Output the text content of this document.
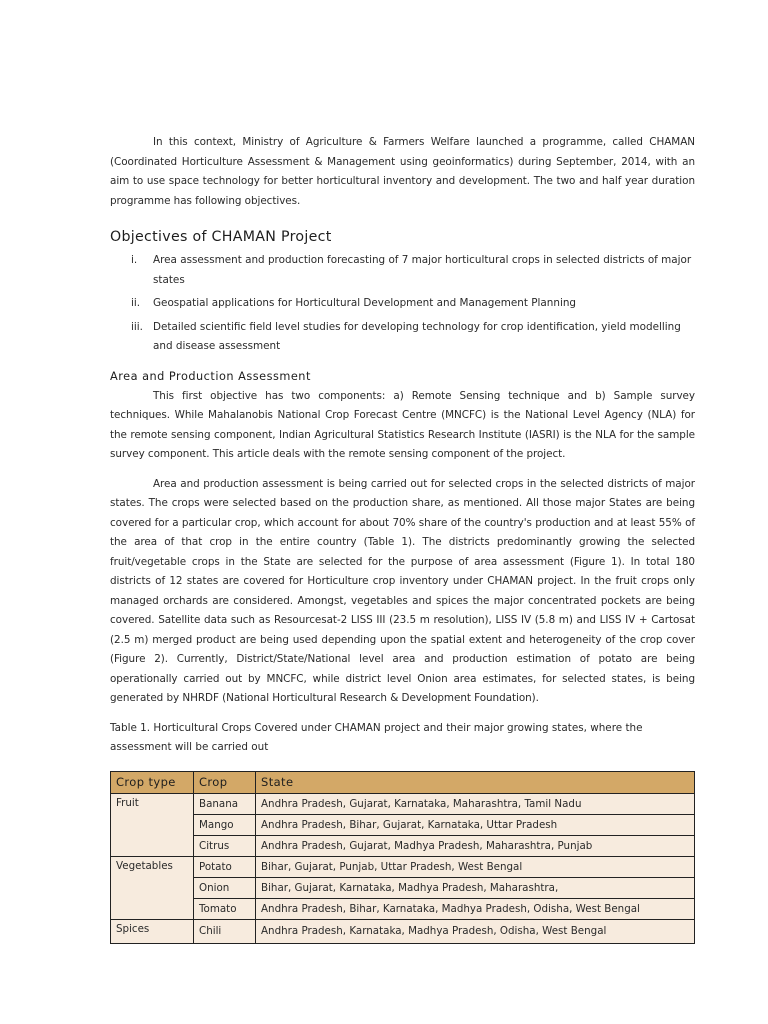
In this context, Ministry of Agriculture & Farmers Welfare launched a programme, called CHAMAN (Coordinated Horticulture Assessment & Management using geoinformatics) during September, 2014, with an aim to use space technology for better horticultural inventory and development. The two and half year duration programme has following objectives.

Objectives of CHAMAN Project
i. Area assessment and production forecasting of 7 major horticultural crops in selected districts of major states
ii. Geospatial applications for Horticultural Development and Management Planning
iii. Detailed scientific field level studies for developing technology for crop identification, yield modelling and disease assessment
Area and Production Assessment

This first objective has two components: a) Remote Sensing technique and b) Sample survey techniques. While Mahalanobis National Crop Forecast Centre (MNCFC) is the National Level Agency (NLA) for the remote sensing component, Indian Agricultural Statistics Research Institute (IASRI) is the NLA for the sample survey component. This article deals with the remote sensing component of the project.

Area and production assessment is being carried out for selected crops in the selected districts of major states. The crops were selected based on the production share, as mentioned. All those major States are being covered for a particular crop, which account for about 70% share of the country's production and at least 55% of the area of that crop in the entire country (Table 1). The districts predominantly growing the selected fruit/vegetable crops in the State are selected for the purpose of area assessment (Figure 1). In total 180 districts of 12 states are covered for Horticulture crop inventory under CHAMAN project. In the fruit crops only managed orchards are considered. Amongst, vegetables and spices the major concentrated pockets are being covered. Satellite data such as Resourcesat-2 LISS III (23.5 m resolution), LISS IV (5.8 m) and LISS IV + Cartosat (2.5 m) merged product are being used depending upon the spatial extent and heterogeneity of the crop cover (Figure 2). Currently, District/State/National level area and production estimation of potato are being operationally carried out by MNCFC, while district level Onion area estimates, for selected states, is being generated by NHRDF (National Horticultural Research & Development Foundation).

Table 1. Horticultural Crops Covered under CHAMAN project and their major growing states, where the assessment will be carried out

Crop type	Crop	State
Fruit	Banana	Andhra Pradesh, Gujarat, Karnataka, Maharashtra, Tamil Nadu
	Mango	Andhra Pradesh, Bihar, Gujarat, Karnataka, Uttar Pradesh
	Citrus	Andhra Pradesh, Gujarat, Madhya Pradesh, Maharashtra, Punjab
Vegetables	Potato	Bihar, Gujarat, Punjab, Uttar Pradesh, West Bengal
	Onion	Bihar, Gujarat, Karnataka, Madhya Pradesh, Maharashtra,
	Tomato	Andhra Pradesh, Bihar, Karnataka, Madhya Pradesh, Odisha, West Bengal
Spices	Chili	Andhra Pradesh, Karnataka, Madhya Pradesh, Odisha, West Bengal
